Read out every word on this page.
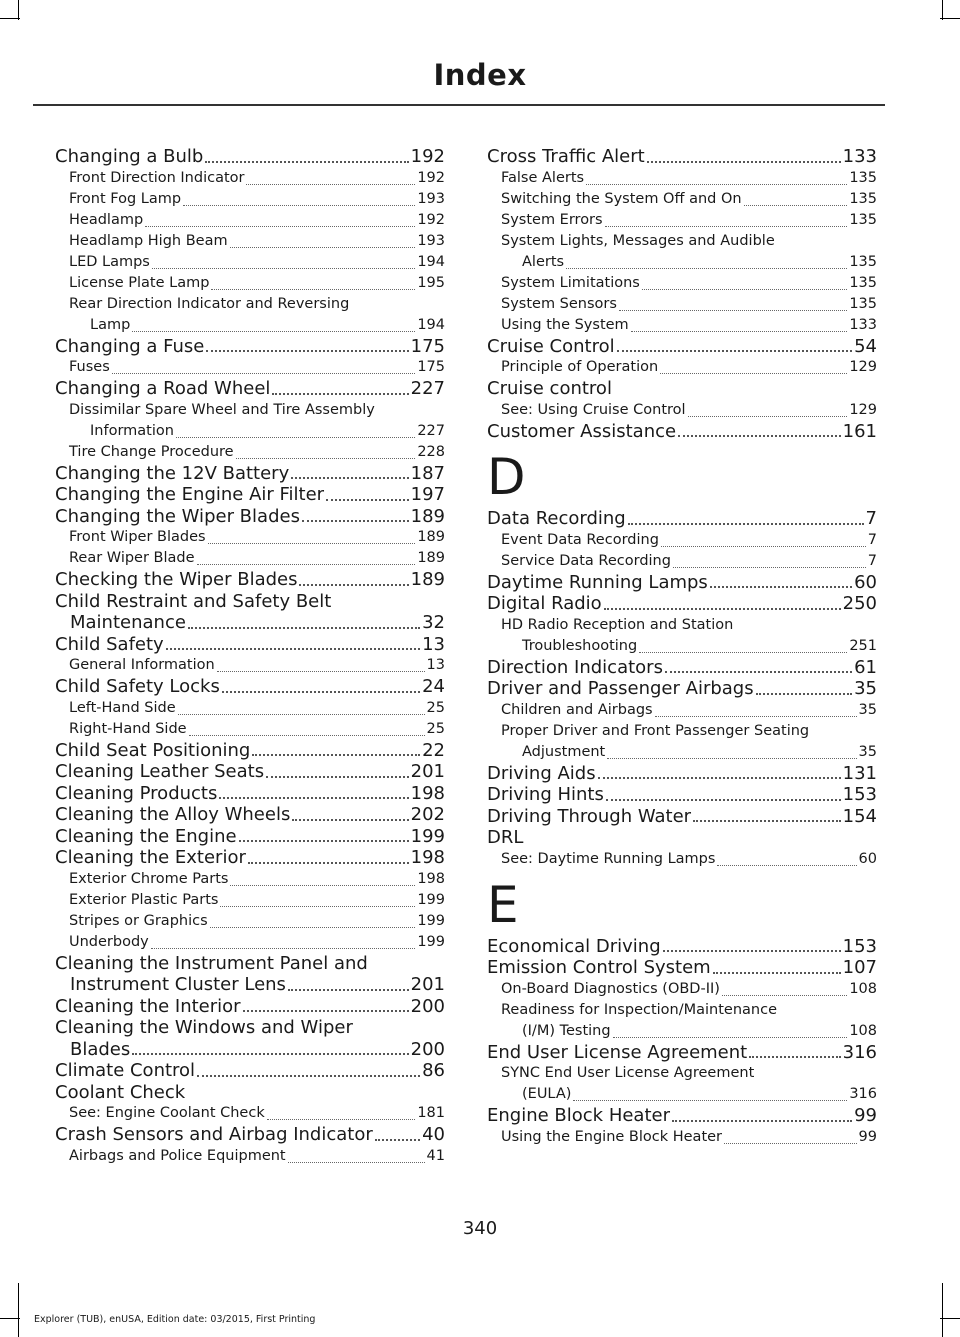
Index
Changing a Bulb	192
Front Direction Indicator	192
Front Fog Lamp	193
Headlamp	192
Headlamp High Beam	193
LED Lamps	194
License Plate Lamp	195
Rear Direction Indicator and Reversing
Lamp	194
Changing a Fuse	175
Fuses	175
Changing a Road Wheel	227
Dissimilar Spare Wheel and Tire Assembly
Information	227
Tire Change Procedure	228
Changing the 12V Battery	187
Changing the Engine Air Filter	197
Changing the Wiper Blades	189
Front Wiper Blades	189
Rear Wiper Blade	189
Checking the Wiper Blades	189
Child Restraint and Safety Belt
Maintenance	32
Child Safety	13
General Information	13
Child Safety Locks	24
Left-Hand Side	25
Right-Hand Side	25
Child Seat Positioning	22
Cleaning Leather Seats	201
Cleaning Products	198
Cleaning the Alloy Wheels	202
Cleaning the Engine	199
Cleaning the Exterior	198
Exterior Chrome Parts	198
Exterior Plastic Parts	199
Stripes or Graphics	199
Underbody	199
Cleaning the Instrument Panel and
Instrument Cluster Lens	201
Cleaning the Interior	200
Cleaning the Windows and Wiper
Blades	200
Climate Control	86
Coolant Check
See: Engine Coolant Check	181
Crash Sensors and Airbag Indicator	40
Airbags and Police Equipment	41
Cross Traffic Alert	133
False Alerts	135
Switching the System Off and On	135
System Errors	135
System Lights, Messages and Audible
Alerts	135
System Limitations	135
System Sensors	135
Using the System	133
Cruise Control	54
Principle of Operation	129
Cruise control
See: Using Cruise Control	129
Customer Assistance	161
D
Data Recording	7
Event Data Recording	7
Service Data Recording	7
Daytime Running Lamps	60
Digital Radio	250
HD Radio Reception and Station
Troubleshooting	251
Direction Indicators	61
Driver and Passenger Airbags	35
Children and Airbags	35
Proper Driver and Front Passenger Seating
Adjustment	35
Driving Aids	131
Driving Hints	153
Driving Through Water	154
DRL
See: Daytime Running Lamps	60
E
Economical Driving	153
Emission Control System	107
On-Board Diagnostics (OBD-II)	108
Readiness for Inspection/Maintenance
(I/M) Testing	108
End User License Agreement	316
SYNC End User License Agreement
(EULA)	316
Engine Block Heater	99
Using the Engine Block Heater	99
340
Explorer (TUB), enUSA, Edition date: 03/2015, First Printing
